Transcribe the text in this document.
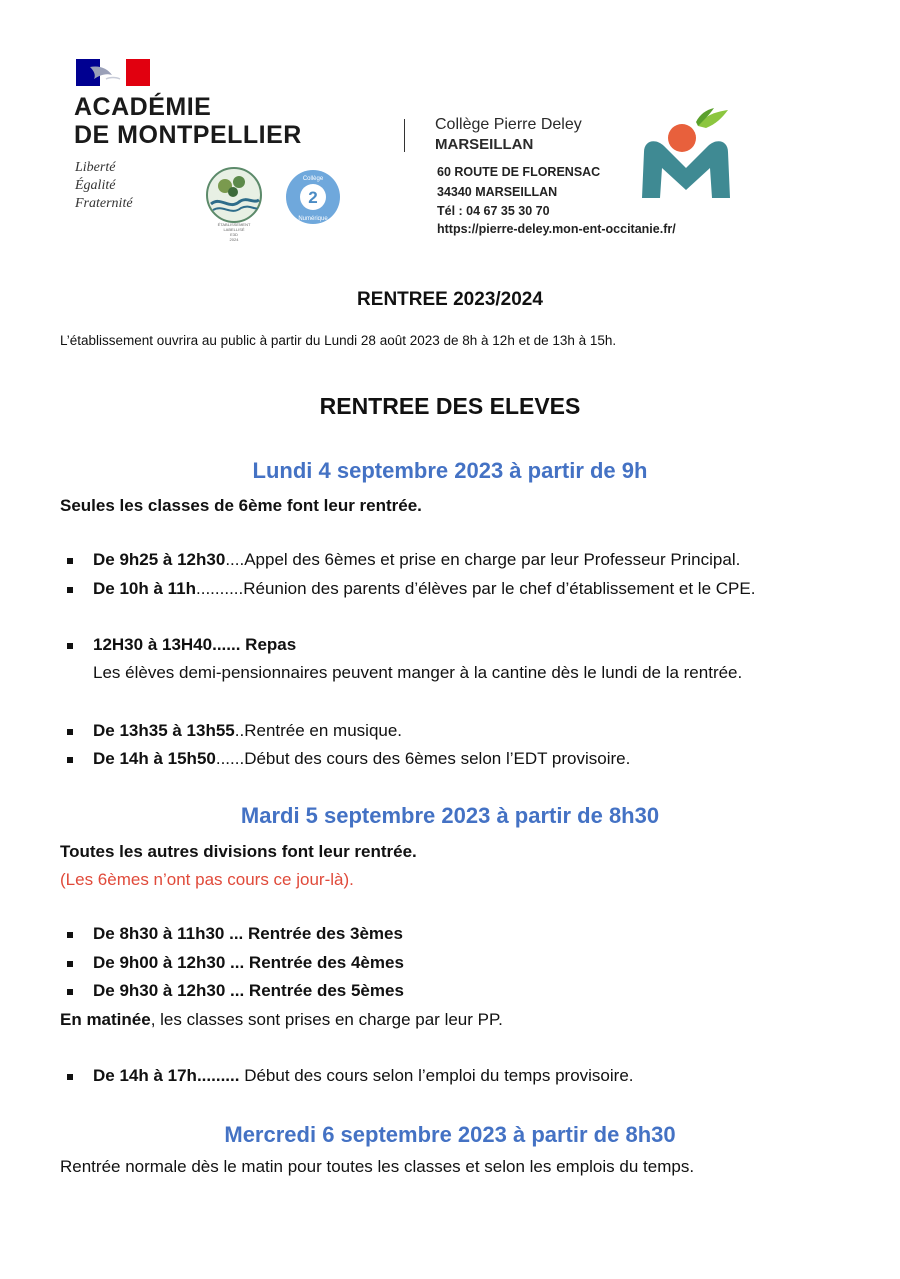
ACADÉMIE
DE MONTPELLIER
Liberté
Égalité
Fraternité
ÉTABLISSEMENT
LABELLISÉ
E3D
2024
2
Collège
Numérique
Collège Pierre Deley
MARSEILLAN
60 ROUTE DE FLORENSAC
34340 MARSEILLAN
Tél : 04 67 35 30 70
https://pierre-deley.mon-ent-occitanie.fr/
RENTREE 2023/2024
L’établissement ouvrira au public à partir du Lundi 28 août 2023 de 8h à 12h et de 13h à 15h.
RENTREE DES ELEVES
Lundi 4 septembre 2023 à partir de 9h
Seules les classes de 6ème font leur rentrée.
De 9h25 à 12h30....Appel des 6èmes et prise en charge par leur Professeur Principal.
De 10h à 11h..........Réunion des parents d’élèves par le chef d’établissement et le CPE.
12H30 à 13H40...... Repas
Les élèves demi-pensionnaires peuvent manger à la cantine dès le lundi de la rentrée.
De 13h35 à 13h55..Rentrée en musique.
De 14h à 15h50......Début des cours des 6èmes selon l’EDT provisoire.
Mardi 5 septembre 2023 à partir de 8h30
Toutes les autres divisions font leur rentrée.
(Les 6èmes n’ont pas cours ce jour-là).
De 8h30 à 11h30 ... Rentrée des 3èmes
De 9h00 à 12h30 ... Rentrée des 4èmes
De 9h30 à 12h30 ... Rentrée des 5èmes
En matinée, les classes sont prises en charge par leur PP.
De 14h à 17h......... Début des cours selon l’emploi du temps provisoire.
Mercredi 6 septembre 2023 à partir de 8h30
Rentrée normale dès le matin pour toutes les classes et selon les emplois du temps.
